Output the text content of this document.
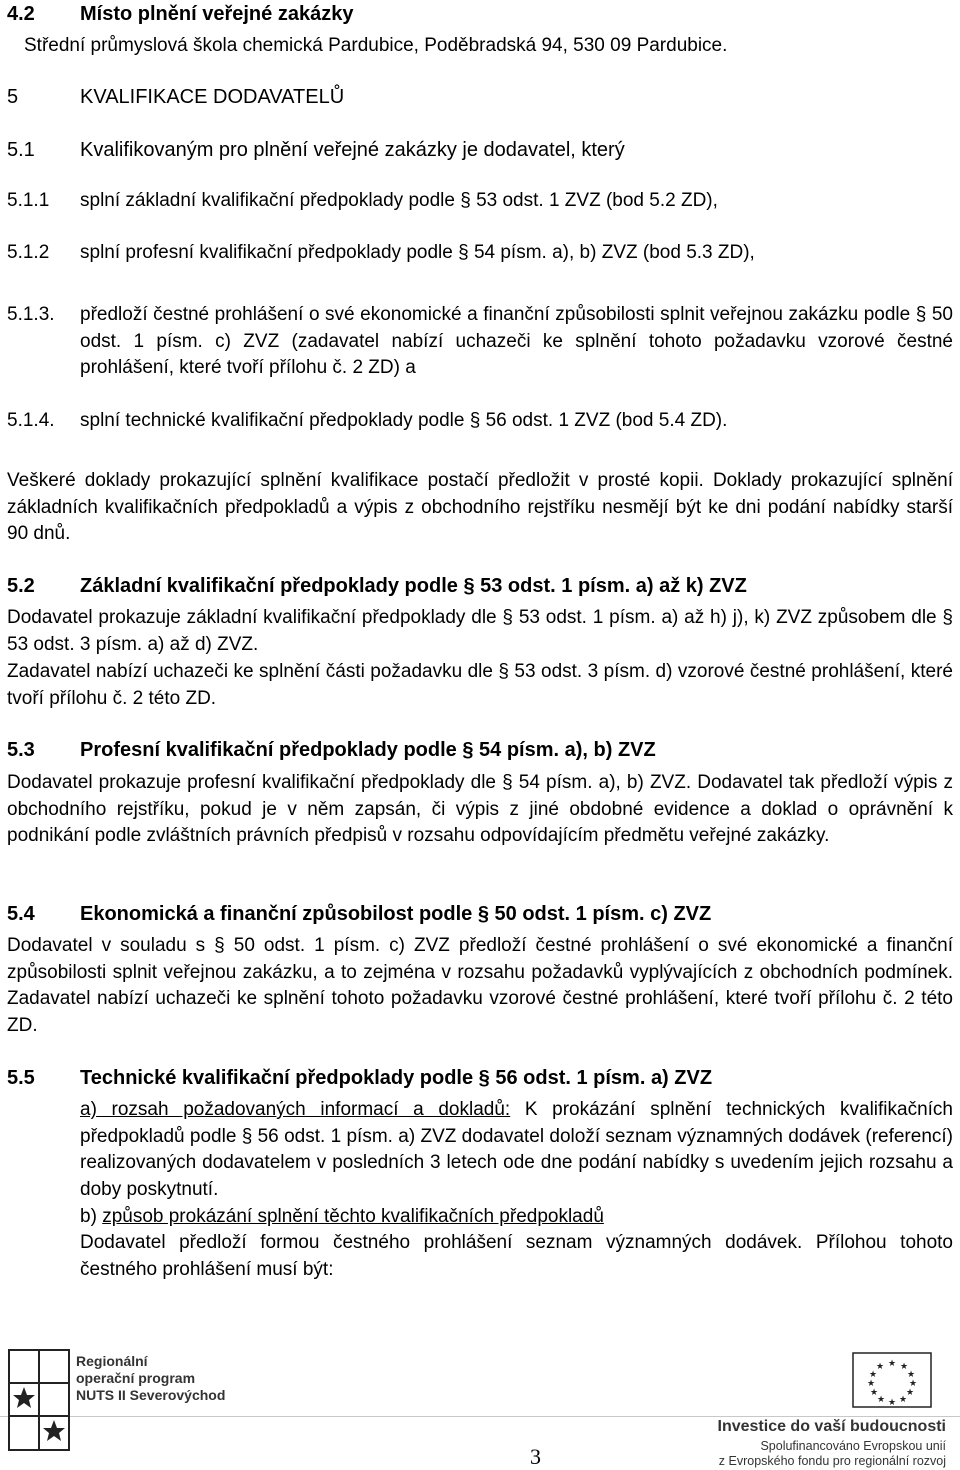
4.2 Místo plnění veřejné zakázky
Střední průmyslová škola chemická Pardubice, Poděbradská 94, 530 09 Pardubice.
5	KVALIFIKACE DODAVATELŮ
5.1 Kvalifikovaným pro plnění veřejné zakázky je dodavatel, který
5.1.1 splní základní kvalifikační předpoklady podle § 53 odst. 1 ZVZ (bod 5.2 ZD),
5.1.2 splní profesní kvalifikační předpoklady podle § 54 písm. a), b) ZVZ (bod 5.3 ZD),
5.1.3. předloží čestné prohlášení o své ekonomické a finanční způsobilosti splnit veřejnou zakázku podle § 50 odst. 1 písm. c) ZVZ (zadavatel nabízí uchazeči ke splnění tohoto požadavku vzorové čestné prohlášení, které tvoří přílohu č. 2 ZD) a
5.1.4. splní technické kvalifikační předpoklady podle § 56 odst. 1 ZVZ (bod 5.4 ZD).
Veškeré doklady prokazující splnění kvalifikace postačí předložit v prosté kopii. Doklady prokazující splnění základních kvalifikačních předpokladů a výpis z obchodního rejstříku nesmějí být ke dni podání nabídky starší 90 dnů.
5.2 Základní kvalifikační předpoklady podle § 53 odst. 1 písm. a) až k) ZVZ
Dodavatel prokazuje základní kvalifikační předpoklady dle § 53 odst. 1 písm. a) až h) j), k) ZVZ způsobem dle § 53 odst. 3 písm. a) až d) ZVZ.
Zadavatel nabízí uchazeči ke splnění části požadavku dle § 53 odst. 3 písm. d) vzorové čestné prohlášení, které tvoří přílohu č. 2 této ZD.
5.3 Profesní kvalifikační předpoklady podle § 54 písm. a), b) ZVZ
Dodavatel prokazuje profesní kvalifikační předpoklady dle § 54 písm. a), b) ZVZ. Dodavatel tak předloží výpis z obchodního rejstříku, pokud je v něm zapsán, či výpis z jiné obdobné evidence a doklad o oprávnění k podnikání podle zvláštních právních předpisů v rozsahu odpovídajícím předmětu veřejné zakázky.
5.4 Ekonomická a finanční způsobilost podle § 50 odst. 1 písm. c) ZVZ
Dodavatel v souladu s § 50 odst. 1 písm. c) ZVZ předloží čestné prohlášení o své ekonomické a finanční způsobilosti splnit veřejnou zakázku, a to zejména v rozsahu požadavků vyplývajících z obchodních podmínek. Zadavatel nabízí uchazeči ke splnění tohoto požadavku vzorové čestné prohlášení, které tvoří přílohu č. 2 této ZD.
5.5 Technické kvalifikační předpoklady podle § 56 odst. 1 písm. a) ZVZ
a) rozsah požadovaných informací a dokladů: K prokázání splnění technických kvalifikačních předpokladů podle § 56 odst. 1 písm. a) ZVZ dodavatel doloží seznam významných dodávek (referencí) realizovaných dodavatelem v posledních 3 letech ode dne podání nabídky s uvedením jejich rozsahu a doby poskytnutí.
b) způsob prokázání splnění těchto kvalifikačních předpokladů
Dodavatel předloží formou čestného prohlášení seznam významných dodávek. Přílohou tohoto čestného prohlášení musí být:
Regionální
operační program
NUTS II Severovýchod
3
★ ★
★
★
★
★
★
★
★
★
★
★
Investice do vaší budoucnosti
Spolufinancováno Evropskou unií
z Evropského fondu pro regionální rozvoj
